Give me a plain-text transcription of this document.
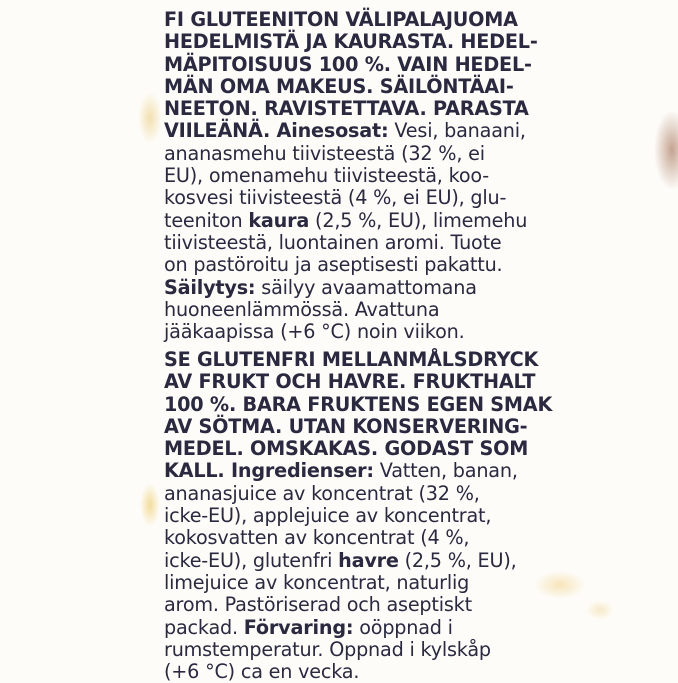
FI GLUTEENITON VÄLIPALAJUOMA
HEDELMISTÄ JA KAURASTA. HEDEL-
MÄPITOISUUS 100 %. VAIN HEDEL-
MÄN OMA MAKEUS. SÄILÖNTÄAI-
NEETON. RAVISTETTAVA. PARASTA
VIILEÄNÄ. Ainesosat: Vesi, banaani,
ananasmehu tiivisteestä (32 %, ei
EU), omenamehu tiivisteestä, koo-
kosvesi tiivisteestä (4 %, ei EU), glu-
teeniton kaura (2,5 %, EU), limemehu
tiivisteestä, luontainen aromi. Tuote
on pastöroitu ja aseptisesti pakattu.
Säilytys: säilyy avaamattomana
huoneenlämmössä. Avattuna
jääkaapissa (+6 °C) noin viikon.
SE GLUTENFRI MELLANMÅLSDRYCK
AV FRUKT OCH HAVRE. FRUKTHALT
100 %. BARA FRUKTENS EGEN SMAK
AV SÖTMA. UTAN KONSERVERING-
MEDEL. OMSKAKAS. GODAST SOM
KALL. Ingredienser: Vatten, banan,
ananasjuice av koncentrat (32 %,
icke-EU), applejuice av koncentrat,
kokosvatten av koncentrat (4 %,
icke-EU), glutenfri havre (2,5 %, EU),
limejuice av koncentrat, naturlig
arom. Pastöriserad och aseptiskt
packad. Förvaring: oöppnad i
rumstemperatur. Oppnad i kylskåp
(+6 °C) ca en vecka.
